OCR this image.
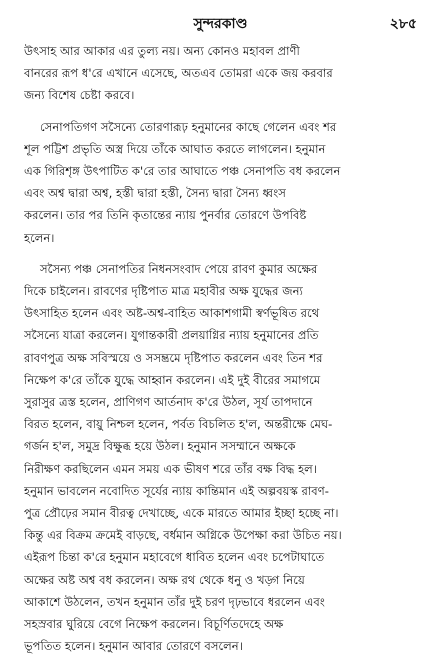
সুন্দরকাণ্ড	২৮৫

উৎসাহ আর আকার এর তুল্য নয়। অন্য কোনও মহাবল প্রাণী
বানরের রূপ ধ'রে এখানে এসেছে, অতএব তোমরা একে জয় করবার
জন্য বিশেষ চেষ্টা করবে।

সেনাপতিগণ সসৈন্যে তোরণারূঢ় হনুমানের কাছে গেলেন এবং শর
শূল পট্টিশ প্রভৃতি অস্ত্র দিয়ে তাঁকে আঘাত করতে লাগলেন। হনুমান
এক গিরিশৃঙ্গ উৎপাটিত ক'রে তার আঘাতে পঞ্চ সেনাপতি বধ করলেন
এবং অশ্ব দ্বারা অশ্ব, হস্তী দ্বারা হস্তী, সৈন্য দ্বারা সৈন্য ধ্বংস
করলেন। তার পর তিনি কৃতান্তের ন্যায় পুনর্বার তোরণে উপবিষ্ট
হলেন।

সসৈন্য পঞ্চ সেনাপতির নিধনসংবাদ পেয়ে রাবণ কুমার অক্ষের
দিকে চাইলেন। রাবণের দৃষ্টিপাত মাত্র মহাবীর অক্ষ যুদ্ধের জন্য
উৎসাহিত হলেন এবং অষ্ট-অশ্ব-বাহিত আকাশগামী স্বর্ণভূষিত রথে
সসৈন্যে যাত্রা করলেন। যুগান্তকারী প্রলয়াগ্নির ন্যায় হনুমানের প্রতি
রাবণপুত্র অক্ষ সবিস্ময়ে ও সসম্ভ্রমে দৃষ্টিপাত করলেন এবং তিন শর
নিক্ষেপ ক'রে তাঁকে যুদ্ধে আহ্বান করলেন। এই দুই বীরের সমাগমে
সুরাসুর ত্রস্ত হলেন, প্রাণিগণ আর্তনাদ ক'রে উঠল, সূর্য তাপদানে
বিরত হলেন, বায়ু নিশ্চল হলেন, পর্বত বিচলিত হ'ল, অন্তরীক্ষে মেঘ-
গর্জন হ'ল, সমুদ্র বিক্ষুব্ধ হয়ে উঠল। হনুমান সসম্মানে অক্ষকে
নিরীক্ষণ করছিলেন এমন সময় এক ভীষণ শরে তাঁর বক্ষ বিদ্ধ হল।
হনুমান ভাবলেন নবোদিত সূর্যের ন্যায় কান্তিমান এই অল্পবয়স্ক রাবণ-
পুত্র প্রৌঢ়ের সমান বীরত্ব দেখাচ্ছে, একে মারতে আমার ইচ্ছা হচ্ছে না।
কিন্তু এর বিক্রম ক্রমেই বাড়ছে, বর্ধমান অগ্নিকে উপেক্ষা করা উচিত নয়।
এইরূপ চিন্তা ক'রে হনুমান মহাবেগে ধাবিত হলেন এবং চপেটাঘাতে
অক্ষের অষ্ট অশ্ব বধ করলেন। অক্ষ রথ থেকে ধনু ও খড়্গ নিয়ে
আকাশে উঠলেন, তখন হনুমান তাঁর দুই চরণ দৃঢ়ভাবে ধরলেন এবং
সহস্রবার ঘুরিয়ে বেগে নিক্ষেপ করলেন। বিচূর্ণিতদেহে অক্ষ
ভূপতিত হলেন। হনুমান আবার তোরণে বসলেন।
